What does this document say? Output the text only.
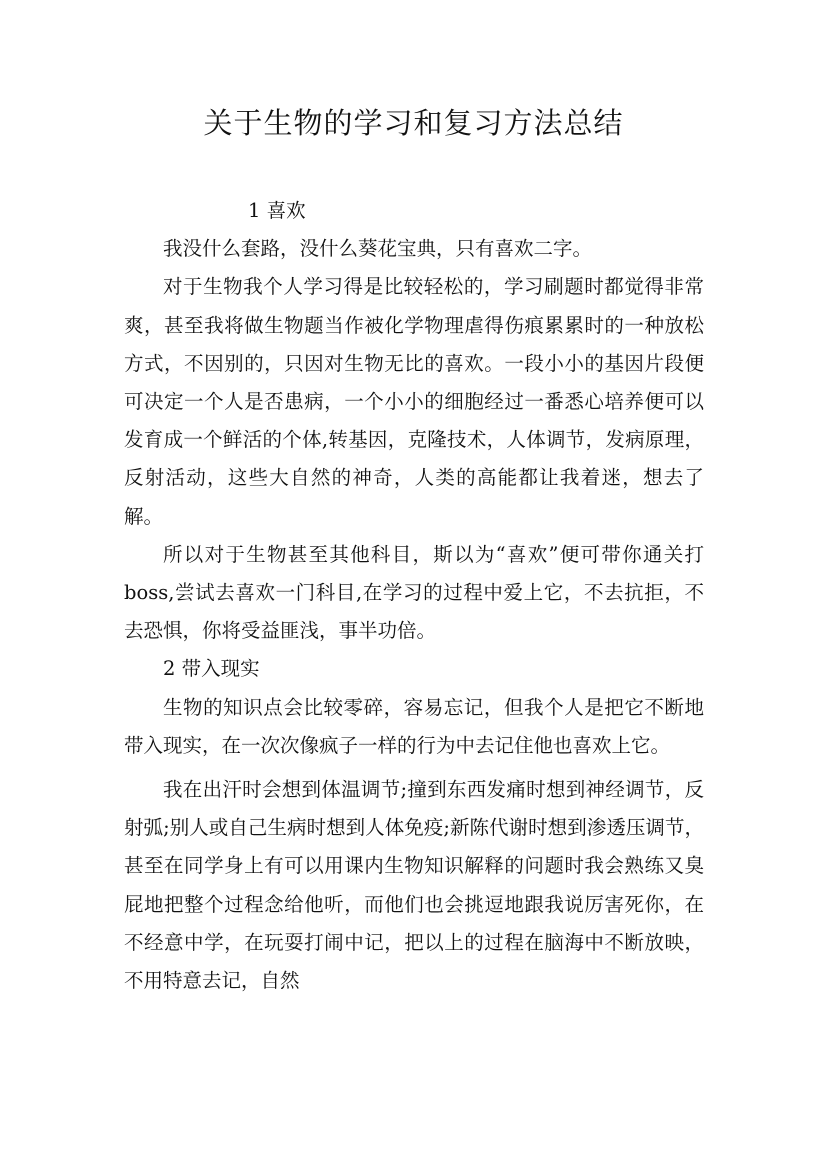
关于生物的学习和复习方法总结

1 喜欢

我没什么套路，没什么葵花宝典，只有喜欢二字。

对于生物我个人学习得是比较轻松的，学习刷题时都觉得非常爽，甚至我将做生物题当作被化学物理虐得伤痕累累时的一种放松方式，不因别的，只因对生物无比的喜欢。一段小小的基因片段便可决定一个人是否患病，一个小小的细胞经过一番悉心培养便可以发育成一个鲜活的个体,转基因，克隆技术，人体调节，发病原理，反射活动，这些大自然的神奇，人类的高能都让我着迷，想去了解。

所以对于生物甚至其他科目，斯以为“喜欢”便可带你通关打boss,尝试去喜欢一门科目,在学习的过程中爱上它，不去抗拒，不去恐惧，你将受益匪浅，事半功倍。

2 带入现实

生物的知识点会比较零碎，容易忘记，但我个人是把它不断地带入现实，在一次次像疯子一样的行为中去记住他也喜欢上它。

我在出汗时会想到体温调节;撞到东西发痛时想到神经调节，反射弧;别人或自己生病时想到人体免疫;新陈代谢时想到渗透压调节，甚至在同学身上有可以用课内生物知识解释的问题时我会熟练又臭屁地把整个过程念给他听，而他们也会挑逗地跟我说厉害死你，在不经意中学，在玩耍打闹中记，把以上的过程在脑海中不断放映，不用特意去记，自然
